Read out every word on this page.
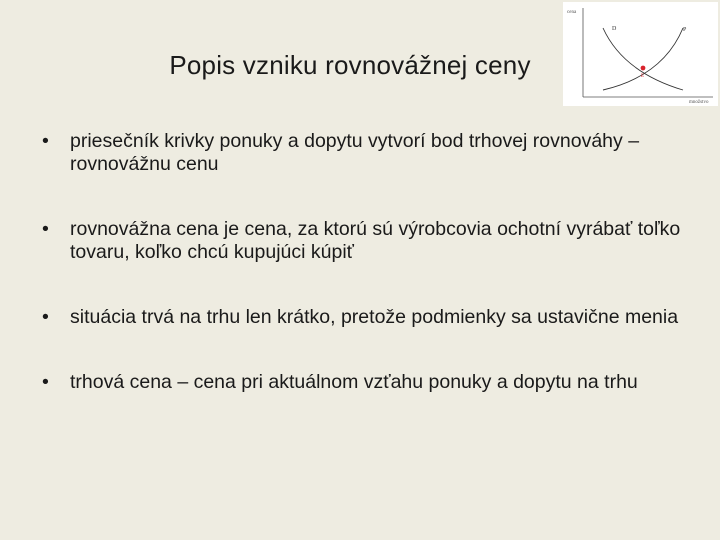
Popis vzniku rovnovážnej ceny
cena
množstvo
D	P
E
• priesečník krivky ponuky a dopytu vytvorí bod trhovej rovnováhy – rovnovážnu cenu
• rovnovážna cena je cena, za ktorú sú výrobcovia ochotní vyrábať toľko tovaru, koľko chcú kupujúci kúpiť
• situácia trvá na trhu len krátko, pretože podmienky sa ustavične menia
• trhová cena – cena pri aktuálnom vzťahu ponuky a dopytu na trhu
